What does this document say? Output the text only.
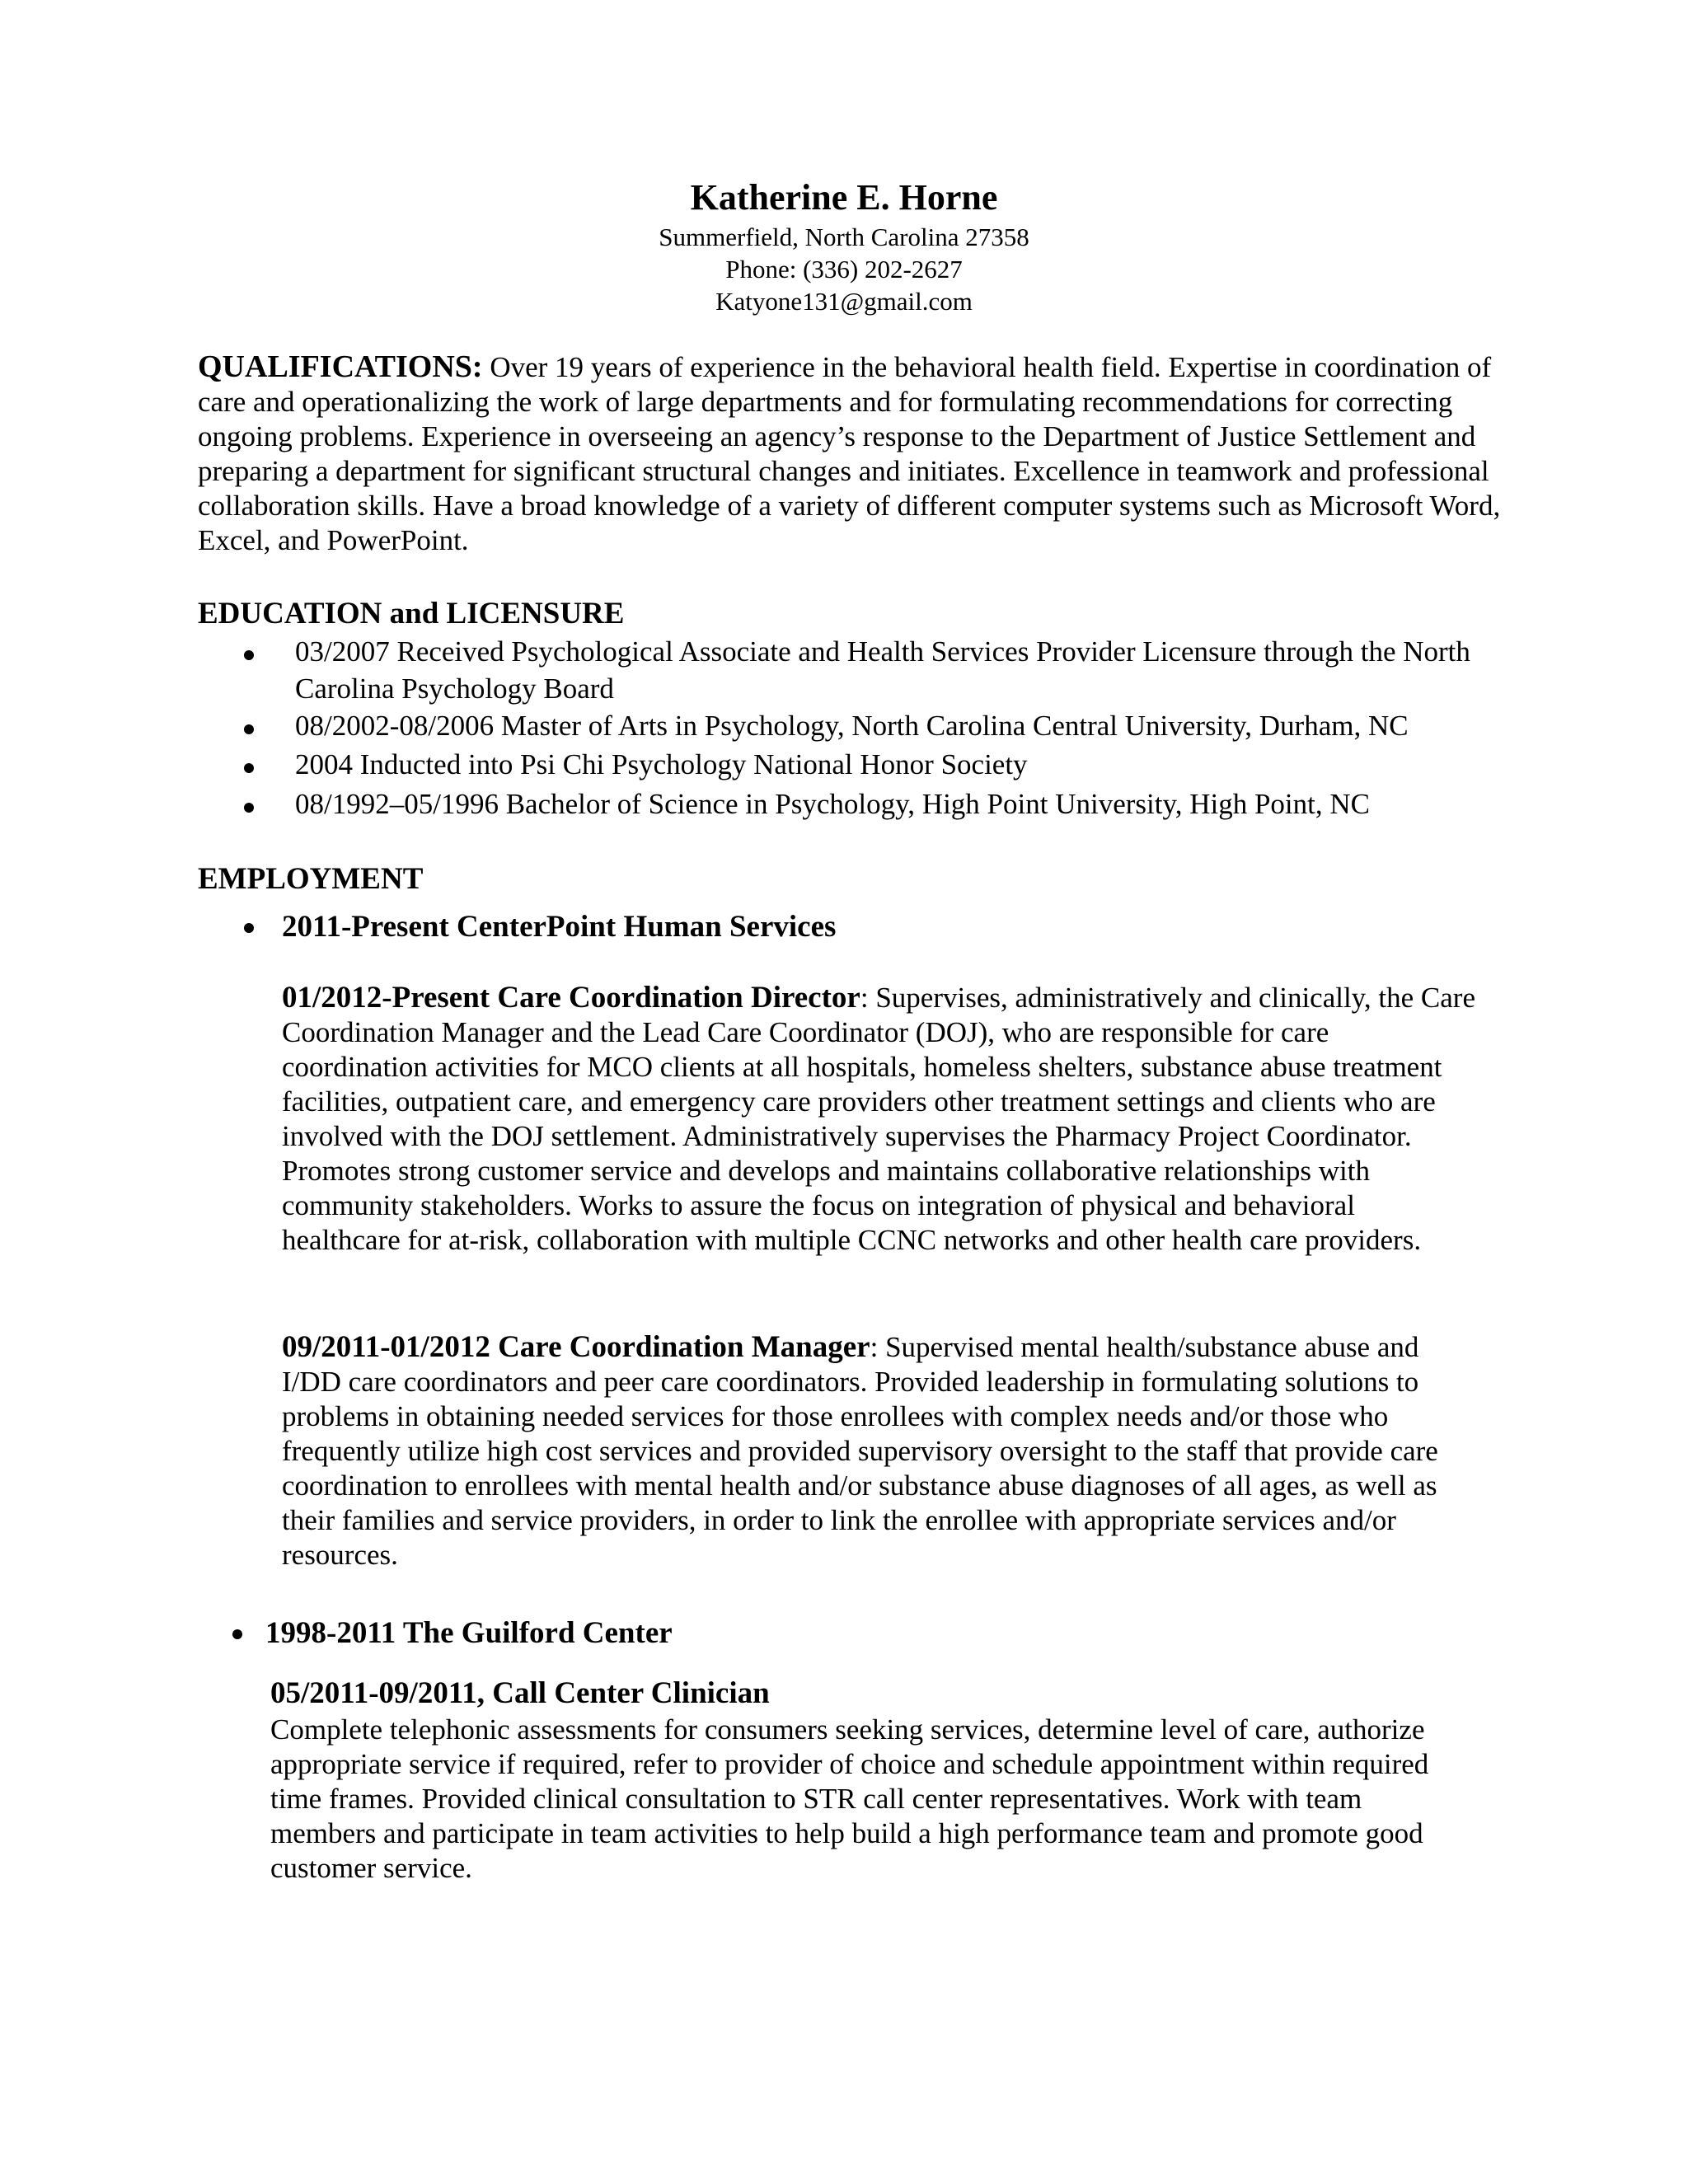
Katherine E. Horne
Summerfield, North Carolina 27358
Phone: (336) 202-2627
Katyone131@gmail.com
QUALIFICATIONS: Over 19 years of experience in the behavioral health field. Expertise in coordination of care and operationalizing the work of large departments and for formulating recommendations for correcting ongoing problems. Experience in overseeing an agency’s response to the Department of Justice Settlement and preparing a department for significant structural changes and initiates. Excellence in teamwork and professional collaboration skills. Have a broad knowledge of a variety of different computer systems such as Microsoft Word, Excel, and PowerPoint.
EDUCATION and LICENSURE
03/2007 Received Psychological Associate and Health Services Provider Licensure through the North Carolina Psychology Board
08/2002-08/2006 Master of Arts in Psychology, North Carolina Central University, Durham, NC
2004 Inducted into Psi Chi Psychology National Honor Society
08/1992–05/1996 Bachelor of Science in Psychology, High Point University, High Point, NC
EMPLOYMENT
2011-Present CenterPoint Human Services
01/2012-Present Care Coordination Director: Supervises, administratively and clinically, the Care Coordination Manager and the Lead Care Coordinator (DOJ), who are responsible for care coordination activities for MCO clients at all hospitals, homeless shelters, substance abuse treatment facilities, outpatient care, and emergency care providers other treatment settings and clients who are involved with the DOJ settlement. Administratively supervises the Pharmacy Project Coordinator. Promotes strong customer service and develops and maintains collaborative relationships with community stakeholders. Works to assure the focus on integration of physical and behavioral healthcare for at-risk, collaboration with multiple CCNC networks and other health care providers.
09/2011-01/2012 Care Coordination Manager: Supervised mental health/substance abuse and I/DD care coordinators and peer care coordinators. Provided leadership in formulating solutions to problems in obtaining needed services for those enrollees with complex needs and/or those who frequently utilize high cost services and provided supervisory oversight to the staff that provide care coordination to enrollees with mental health and/or substance abuse diagnoses of all ages, as well as their families and service providers, in order to link the enrollee with appropriate services and/or resources.
1998-2011 The Guilford Center
05/2011-09/2011, Call Center Clinician
Complete telephonic assessments for consumers seeking services, determine level of care, authorize appropriate service if required, refer to provider of choice and schedule appointment within required time frames. Provided clinical consultation to STR call center representatives. Work with team members and participate in team activities to help build a high performance team and promote good customer service.
